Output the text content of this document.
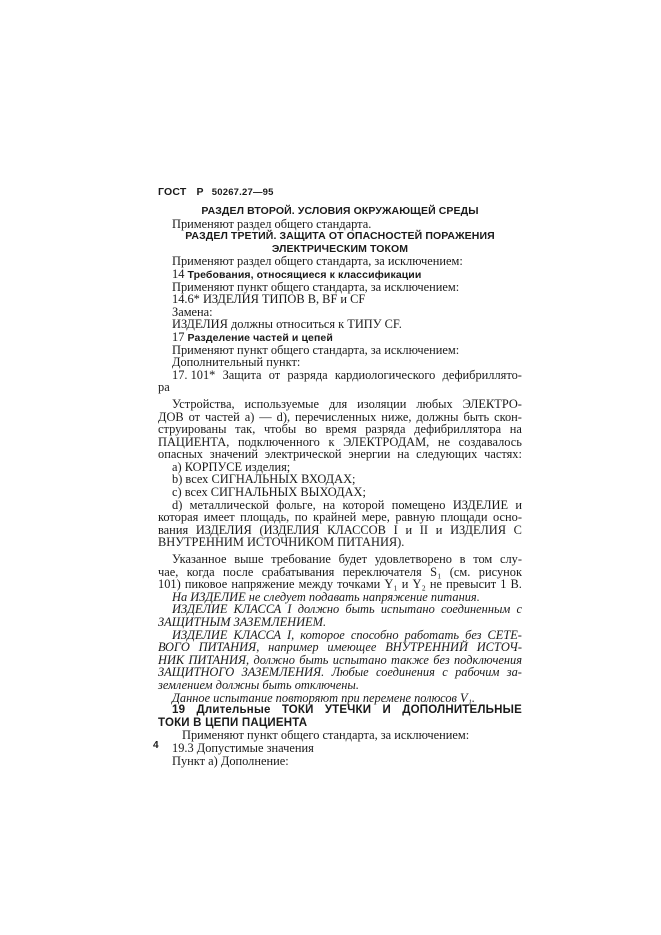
ГОСТ Р 50267.27—95
РАЗДЕЛ ВТОРОЙ. УСЛОВИЯ ОКРУЖАЮЩЕЙ СРЕДЫ
Применяют раздел общего стандарта.
РАЗДЕЛ ТРЕТИЙ. ЗАЩИТА ОТ ОПАСНОСТЕЙ ПОРАЖЕНИЯ
ЭЛЕКТРИЧЕСКИМ ТОКОМ
Применяют раздел общего стандарта, за исключением:
14 Требования, относящиеся к классификации
Применяют пункт общего стандарта, за исключением:
14.6* ИЗДЕЛИЯ ТИПОВ B, BF и CF
Замена:
ИЗДЕЛИЯ должны относиться к ТИПУ CF.
17 Разделение частей и цепей
Применяют пункт общего стандарта, за исключением:
Дополнительный пункт:
17. 101* Защита от разряда кардиологического дефибриллято-
ра
Устройства, используемые для изоляции любых ЭЛЕКТРО-
ДОВ от частей а) — d), перечисленных ниже, должны быть скон-
струированы так, чтобы во время разряда дефибриллятора на
ПАЦИЕНТА, подключенного к ЭЛЕКТРОДАМ, не создавалось
опасных значений электрической энергии на следующих частях:
а) КОРПУСЕ изделия;
b) всех СИГНАЛЬНЫХ ВХОДАХ;
с) всех СИГНАЛЬНЫХ ВЫХОДАХ;
d) металлической фольге, на которой помещено ИЗДЕЛИЕ и
которая имеет площадь, по крайней мере, равную площади осно-
вания ИЗДЕЛИЯ (ИЗДЕЛИЯ КЛАССОВ I и II и ИЗДЕЛИЯ С
ВНУТРЕННИМ ИСТОЧНИКОМ ПИТАНИЯ).
Указанное выше требование будет удовлетворено в том слу-
чае, когда после срабатывания переключателя S₁ (см. рисунок
101) пиковое напряжение между точками Y₁ и Y₂ не превысит 1 В.
На ИЗДЕЛИЕ не следует подавать напряжение питания.
ИЗДЕЛИЕ КЛАССА I должно быть испытано соединенным с
ЗАЩИТНЫМ ЗАЗЕМЛЕНИЕМ.
ИЗДЕЛИЕ КЛАССА I, которое способно работать без СЕТЕ-
ВОГО ПИТАНИЯ, например имеющее ВНУТРЕННИЙ ИСТОЧ-
НИК ПИТАНИЯ, должно быть испытано также без подключения
ЗАЩИТНОГО ЗАЗЕМЛЕНИЯ. Любые соединения с рабочим за-
землением должны быть отключены.
Данное испытание повторяют при перемене полюсов V₁.
19 Длительные ТОКИ УТЕЧКИ И ДОПОЛНИТЕЛЬНЫЕ
ТОКИ В ЦЕПИ ПАЦИЕНТА
Применяют пункт общего стандарта, за исключением:
19.3 Допустимые значения
Пункт а) Дополнение:
4
